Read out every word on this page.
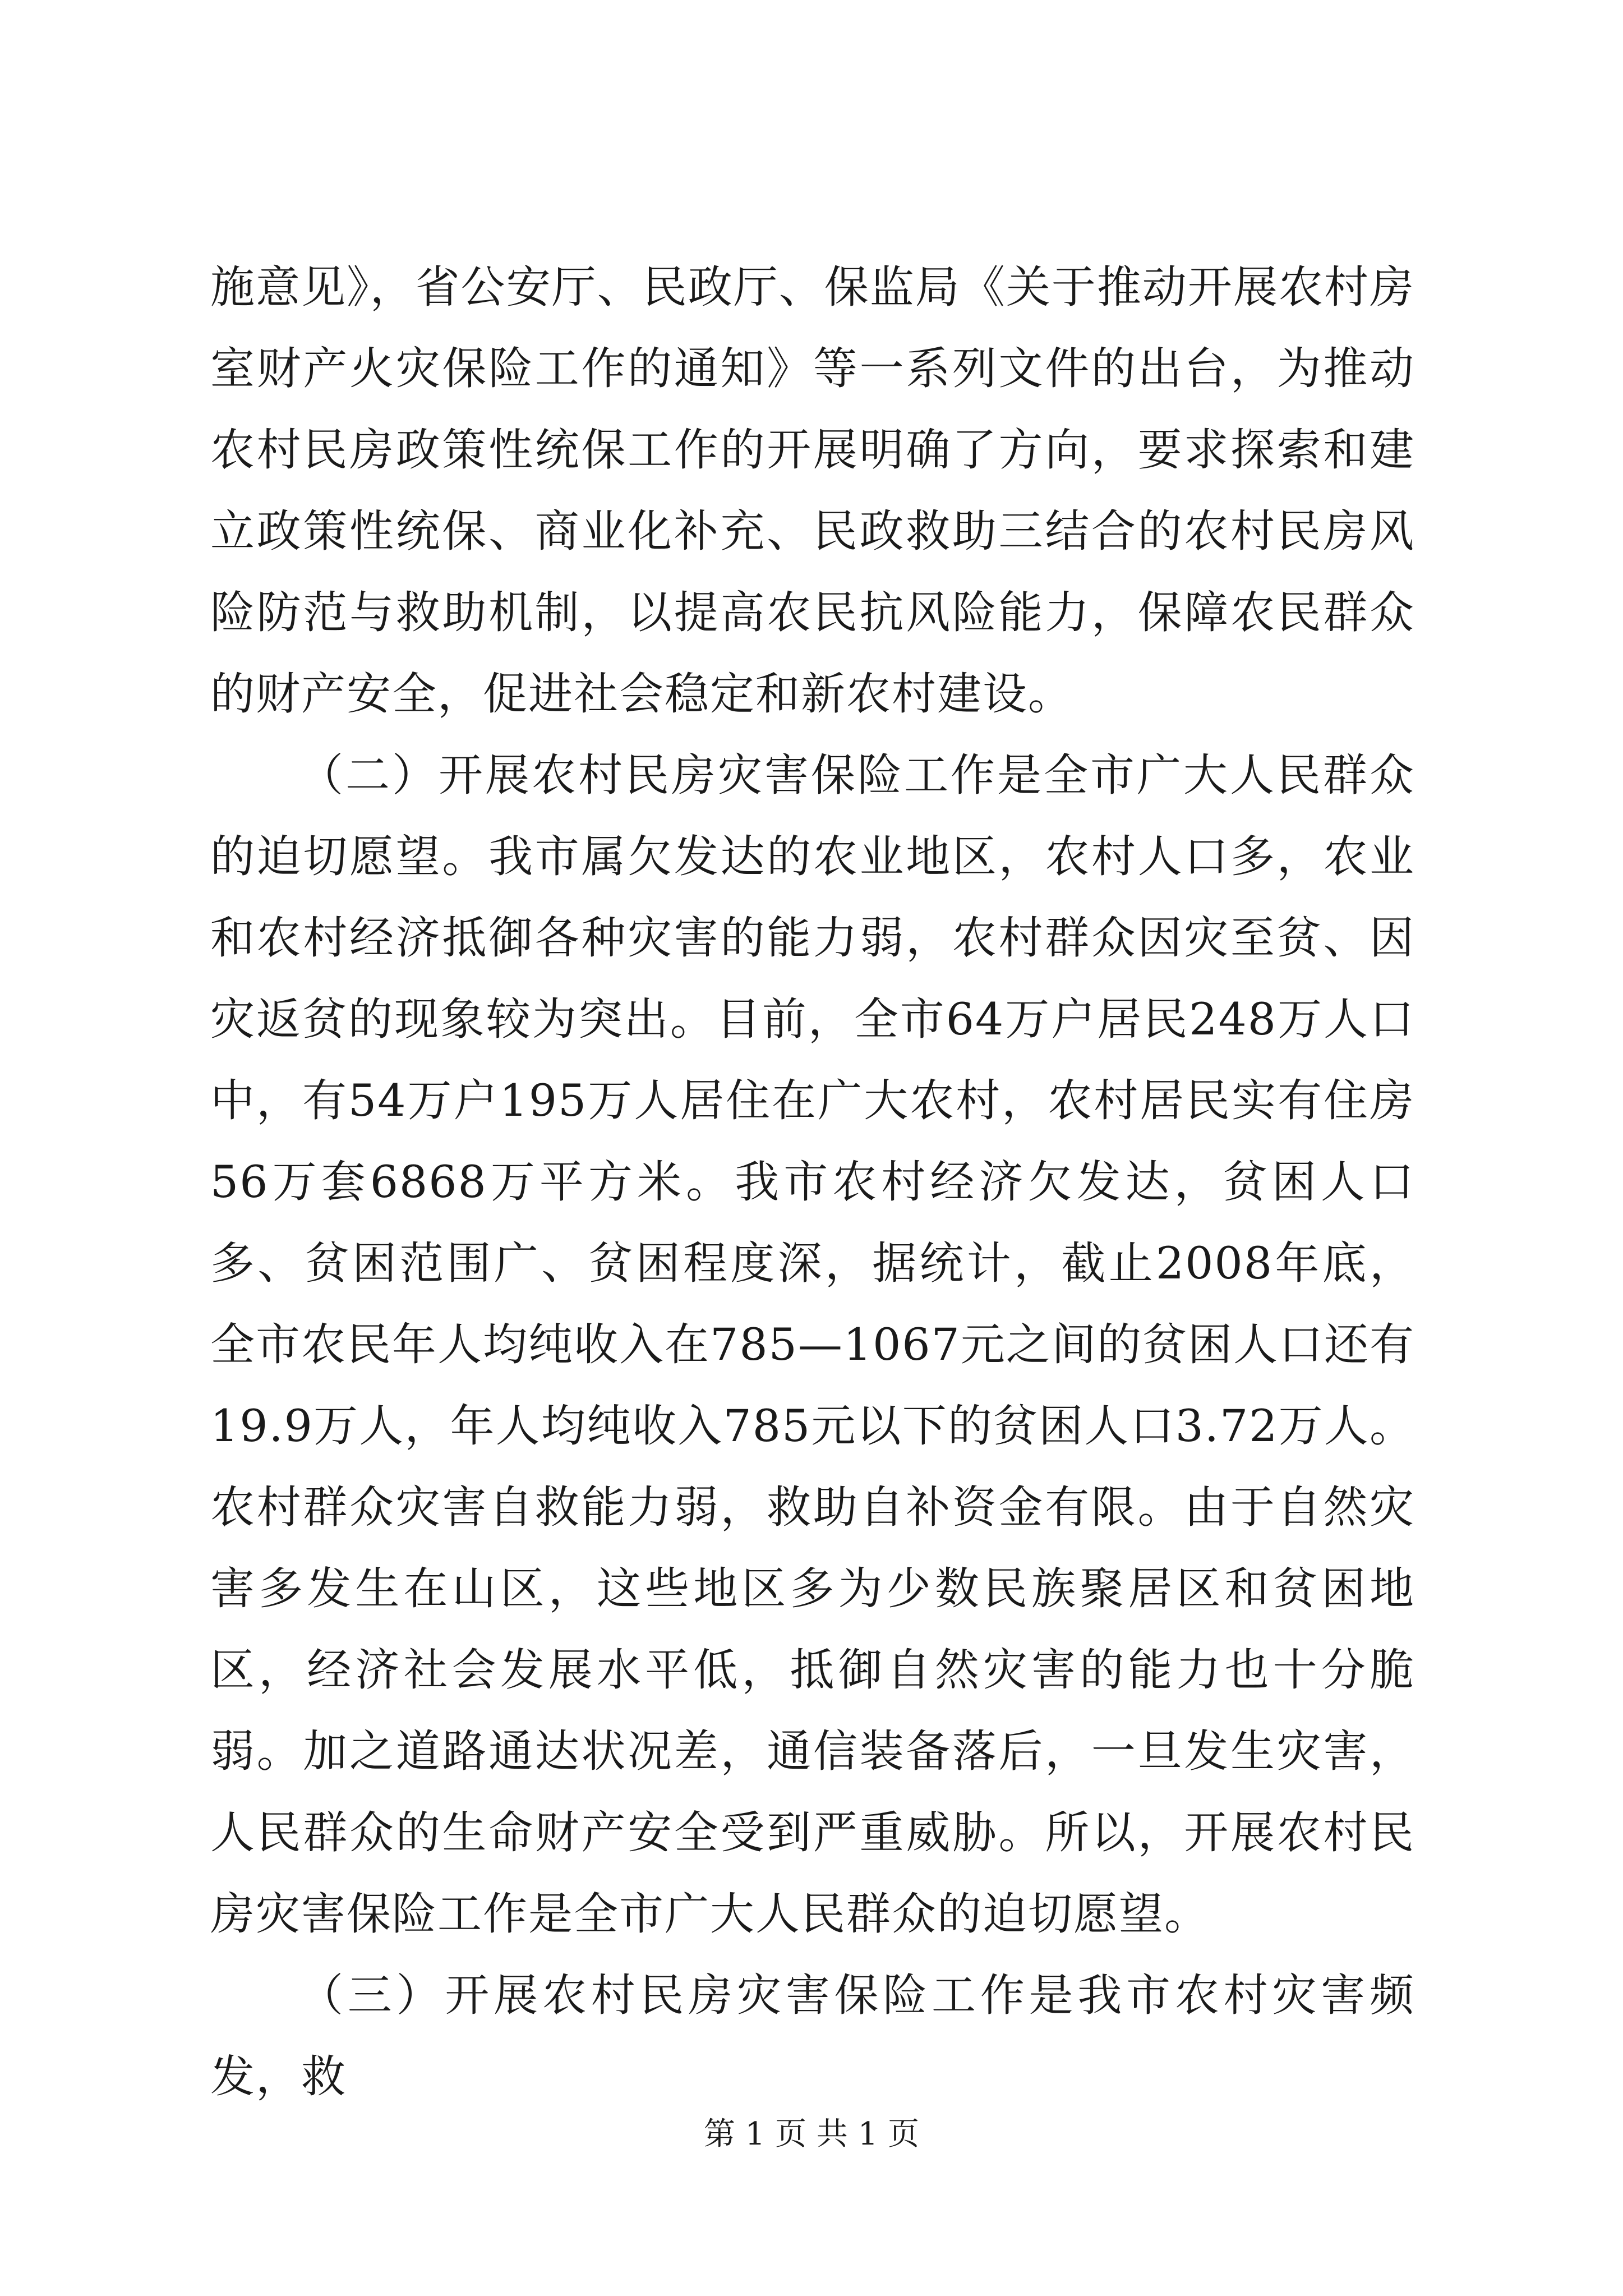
施意见》，省公安厅、民政厅、保监局《关于推动开展农村房室财产火灾保险工作的通知》等一系列文件的出台，为推动农村民房政策性统保工作的开展明确了方向，要求探索和建立政策性统保、商业化补充、民政救助三结合的农村民房风险防范与救助机制，以提高农民抗风险能力，保障农民群众的财产安全，促进社会稳定和新农村建设。

（二）开展农村民房灾害保险工作是全市广大人民群众的迫切愿望。我市属欠发达的农业地区，农村人口多，农业和农村经济抵御各种灾害的能力弱，农村群众因灾至贫、因灾返贫的现象较为突出。目前，全市64万户居民248万人口中，有54万户195万人居住在广大农村，农村居民实有住房56万套6868万平方米。我市农村经济欠发达，贫困人口多、贫困范围广、贫困程度深，据统计，截止2008年底，全市农民年人均纯收入在785—1067元之间的贫困人口还有19.9万人，年人均纯收入785元以下的贫困人口3.72万人。农村群众灾害自救能力弱，救助自补资金有限。由于自然灾害多发生在山区，这些地区多为少数民族聚居区和贫困地区，经济社会发展水平低，抵御自然灾害的能力也十分脆弱。加之道路通达状况差，通信装备落后，一旦发生灾害，人民群众的生命财产安全受到严重威胁。所以，开展农村民房灾害保险工作是全市广大人民群众的迫切愿望。

（三）开展农村民房灾害保险工作是我市农村灾害频发，救

第 1 页 共 1 页
